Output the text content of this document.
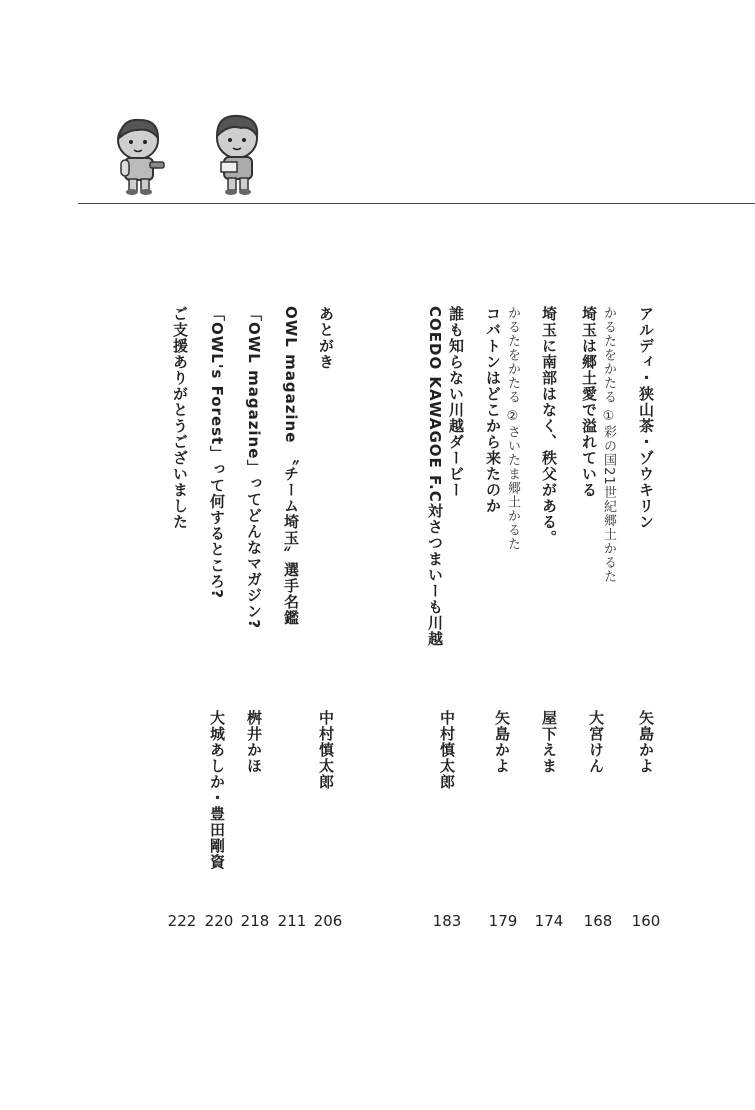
アルディ・狭山茶・ゾウキリン
かるたをかたる ①彩の国21世紀郷土かるた
埼玉は郷土愛で溢れている
埼玉に南部はなく、秩父がある。
かるたをかたる ②さいたま郷土かるた
コバトンはどこから来たのか
誰も知らない川越ダービー
COEDO KAWAGOE F.C対さつまいーも川越
あとがき
OWL magazine 〝チーム埼玉〟選手名鑑
「OWL magazine」ってどんなマガジン?
「OWL's Forest」って何するところ?
ご支援ありがとうございました
矢島かよ
大宮けん
屋下えま
矢島かよ
中村慎太郎
中村慎太郎
桝井かほ
大城あしか・豊田剛資
160
168
174
179
183
206
211
218
220
222
